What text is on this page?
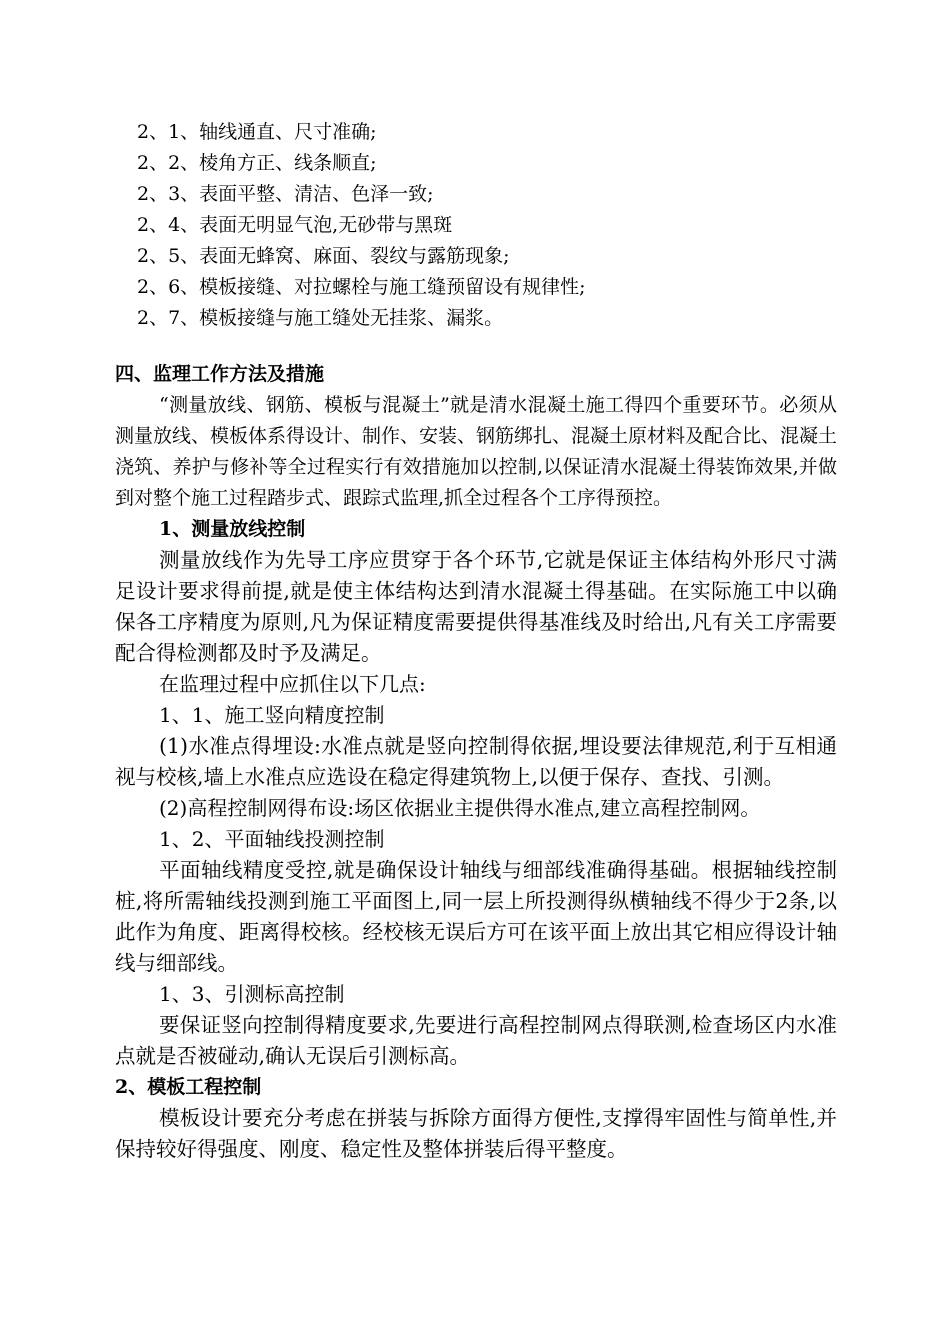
2、1、轴线通直、尺寸准确;
2、2、棱角方正、线条顺直;
2、3、表面平整、清洁、色泽一致;
2、4、表面无明显气泡,无砂带与黑斑
2、5、表面无蜂窝、麻面、裂纹与露筋现象;
2、6、模板接缝、对拉螺栓与施工缝预留设有规律性;
2、7、模板接缝与施工缝处无挂浆、漏浆。
四、监理工作方法及措施

“测量放线、钢筋、模板与混凝土”就是清水混凝土施工得四个重要环节。必须从测量放线、模板体系得设计、制作、安装、钢筋绑扎、混凝土原材料及配合比、混凝土浇筑、养护与修补等全过程实行有效措施加以控制,以保证清水混凝土得装饰效果,并做到对整个施工过程踏步式、跟踪式监理,抓全过程各个工序得预控。

1、测量放线控制

测量放线作为先导工序应贯穿于各个环节,它就是保证主体结构外形尺寸满足设计要求得前提,就是使主体结构达到清水混凝土得基础。在实际施工中以确保各工序精度为原则,凡为保证精度需要提供得基准线及时给出,凡有关工序需要配合得检测都及时予及满足。

在监理过程中应抓住以下几点:
1、1、施工竖向精度控制

(1)水准点得埋设:水准点就是竖向控制得依据,埋设要法律规范,利于互相通视与校核,墙上水准点应选设在稳定得建筑物上,以便于保存、查找、引测。

(2)高程控制网得布设:场区依据业主提供得水准点,建立高程控制网。
1、2、平面轴线投测控制

平面轴线精度受控,就是确保设计轴线与细部线准确得基础。根据轴线控制桩,将所需轴线投测到施工平面图上,同一层上所投测得纵横轴线不得少于2条,以此作为角度、距离得校核。经校核无误后方可在该平面上放出其它相应得设计轴线与细部线。

1、3、引测标高控制

要保证竖向控制得精度要求,先要进行高程控制网点得联测,检查场区内水准点就是否被碰动,确认无误后引测标高。

2、模板工程控制

模板设计要充分考虑在拼装与拆除方面得方便性,支撑得牢固性与简单性,并保持较好得强度、刚度、稳定性及整体拼装后得平整度。
